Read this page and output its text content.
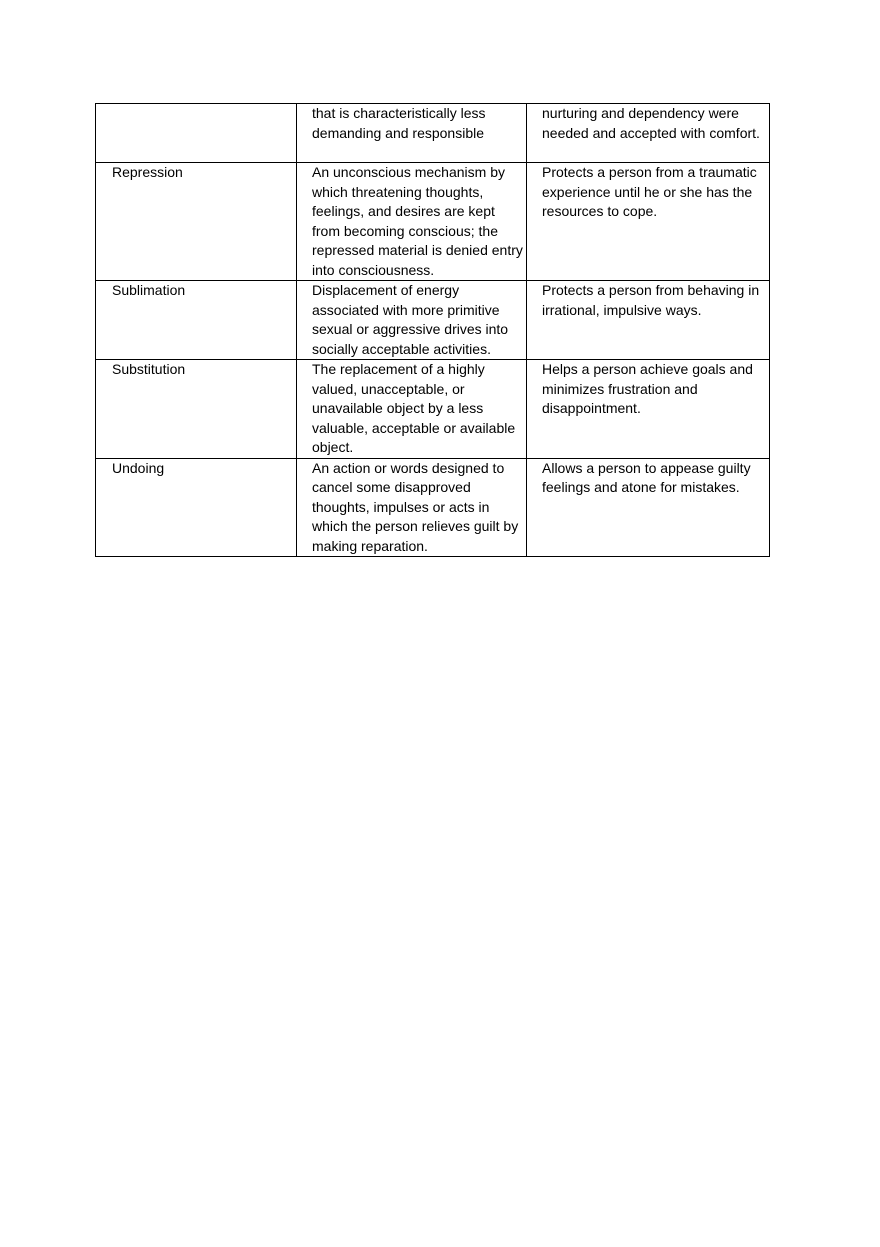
	that is characteristically less demanding and responsible	nurturing and dependency were needed and accepted with comfort.

Repression	An unconscious mechanism by which threatening thoughts, feelings, and desires are kept from becoming conscious; the repressed material is denied entry into consciousness.	Protects a person from a traumatic experience until he or she has the resources to cope.

Sublimation	Displacement of energy associated with more primitive sexual or aggressive drives into socially acceptable activities.	Protects a person from behaving in irrational, impulsive ways.

Substitution	The replacement of a highly valued, unacceptable, or unavailable object by a less valuable, acceptable or available object.	Helps a person achieve goals and minimizes frustration and disappointment.

Undoing	An action or words designed to cancel some disapproved thoughts, impulses or acts in which the person relieves guilt by making reparation.	Allows a person to appease guilty feelings and atone for mistakes.
